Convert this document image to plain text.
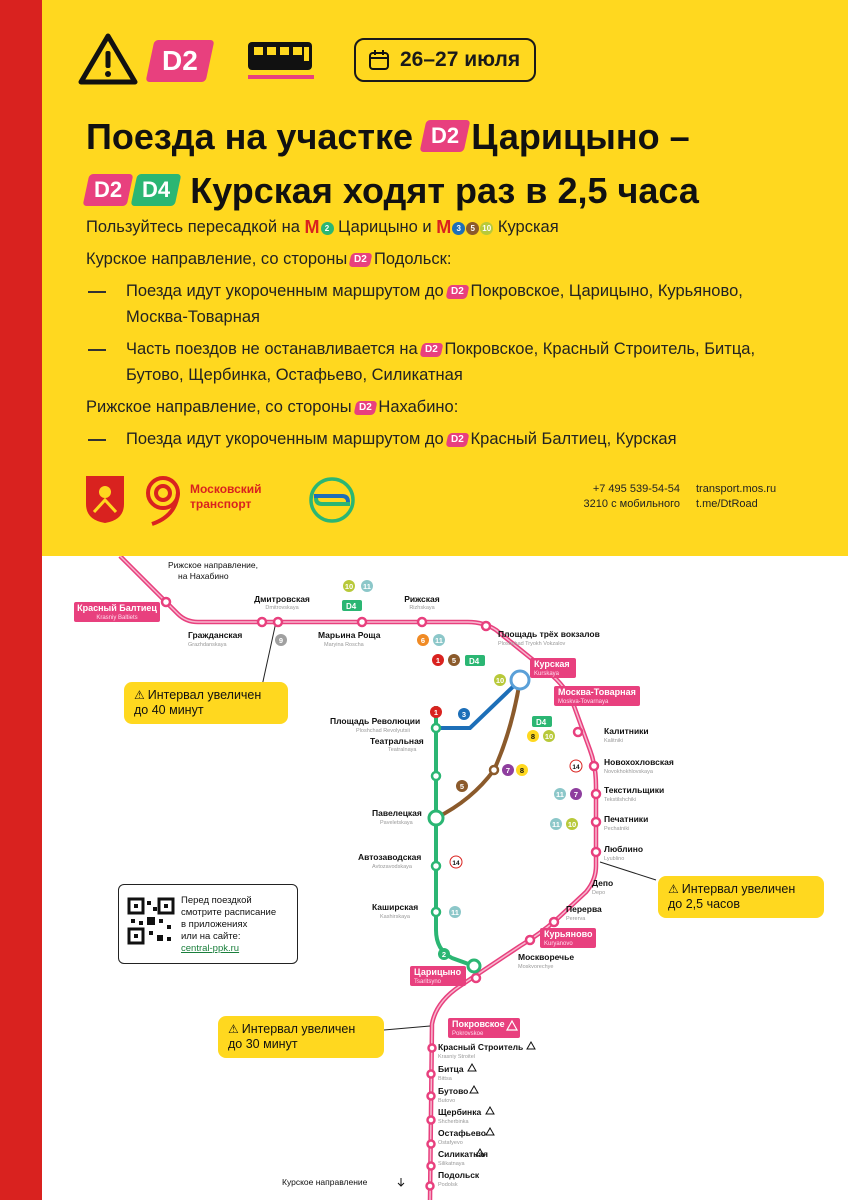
D2	26–27 июля
Поезда на участке D2 Царицыно –
D2 D4 Курская ходят раз в 2,5 часа
Пользуйтесь пересадкой на М 2 Царицыно и М 3 5 10 Курская
Курское направление, со стороны D2 Подольск:
Поезда идут укороченным маршрутом до D2 Покровское, Царицыно, Курьяново, Москва-Товарная
Часть поездов не останавливается на D2 Покровское, Красный Строитель, Битца, Бутово, Щербинка, Остафьево, Силикатная
Рижское направление, со стороны D2 Нахабино:
Поезда идут укороченным маршрутом до D2 Красный Балтиец, Курская
Московский
транспорт
+7 495 539-54-54
3210 с мобильного
transport.mos.ru
t.me/DtRoad
Рижское направление, на Нахабино
Красный Балтиец
Krasniy Baltiets
Курская
Kurskaya
Москва-Товарная
Moskva-Tovarnaya
Курьяново
Kuryanovo
Царицыно
Tsaritsyno
Покровское
Pokrovskoe
Дмитровская	Рижская
Гражданская	Марьина Роща	Площадь трёх вокзалов
Площадь Революции
Театральная
Калитники
Новохохловская
Текстильщики
Павелецкая
Печатники
Люблино
Автозаводская
Депо
Каширская	Перерва
Москворечье
Красный Строитель
Битца
Бутово
Щербинка
Остафьево
Силикатная
Подольск
Dmitrovskaya	Rizhskaya
Grazhdanskaya	Maryina Roscha	Ploshchad Tryokh Vokzalov
Ploshchad Revolyutsii
Teatralnaya
Kalitniki
Novokhokhlovskaya
Tekstilshchiki
Paveletskaya
Pechatniki
Lyublino
Avtozavodskaya
Depo
Kashirskaya	Pererva
Moskvorechye
Krasniy Stroitel
Bittsa
Butovo
Shcherbinka
Ostafyevo
Silikatnaya
Podolsk
10 11
9	6 11
1 5
10
1	3
8 10
14
7 8
5
11 7
11 10
14
11
2
D4
D4
D4
Курское направление
⚠ Интервал увеличен
до 40 минут
⚠ Интервал увеличен
до 2,5 часов
⚠ Интервал увеличен
до 30 минут
Перед поездкой
смотрите расписание
в приложениях
или на сайте:
central-ppk.ru
